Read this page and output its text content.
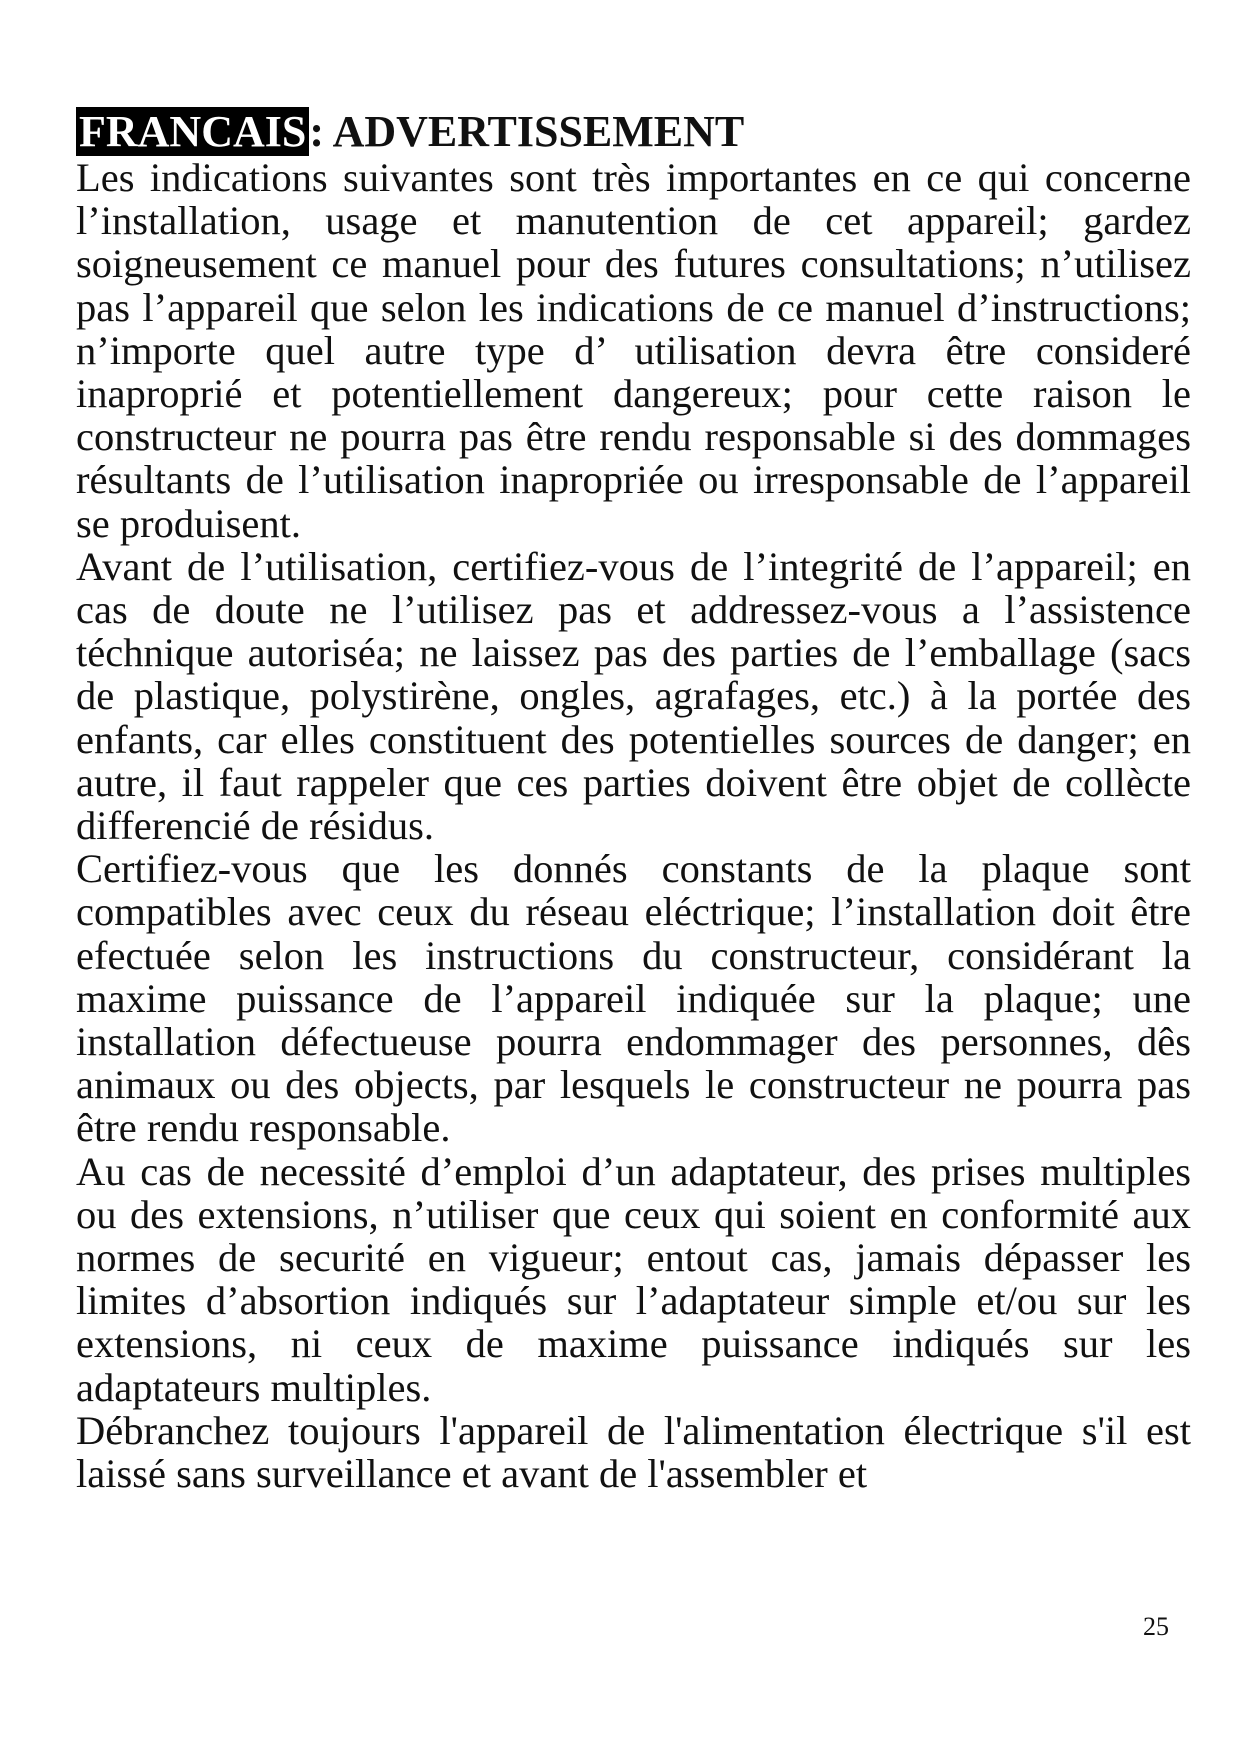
FRANCAIS: ADVERTISSEMENT

Les indications suivantes sont très importantes en ce qui concerne l’installation, usage et manutention de cet appareil; gardez soigneusement ce manuel pour des futures consultations; n’utilisez pas l’appareil que selon les indications de ce manuel d’instructions; n’importe quel autre type d’ utilisation devra être consideré inaproprié et potentiellement dangereux; pour cette raison le constructeur ne pourra pas être rendu responsable si des dommages résultants de l’utilisation inapropriée ou irresponsable de l’appareil se produisent.

Avant de l’utilisation, certifiez-vous de l’integrité de l’appareil; en cas de doute ne l’utilisez pas et addressez-vous a l’assistence téchnique autoriséa; ne laissez pas des parties de l’emballage (sacs de plastique, polystirène, ongles, agrafages, etc.) à la portée des enfants, car elles constituent des potentielles sources de danger; en autre, il faut rappeler que ces parties doivent être objet de collècte differencié de résidus.

Certifiez-vous que les donnés constants de la plaque sont compatibles avec ceux du réseau eléctrique; l’installation doit être efectuée selon les instructions du constructeur, considérant la maxime puissance de l’appareil indiquée sur la plaque; une installation défectueuse pourra endommager des personnes, dês animaux ou des objects, par lesquels le constructeur ne pourra pas être rendu responsable.

Au cas de necessité d’emploi d’un adaptateur, des prises multiples ou des extensions, n’utiliser que ceux qui soient en conformité aux normes de securité en vigueur; entout cas, jamais dépasser les limites d’absortion indiqués sur l’adaptateur simple et/ou sur les extensions, ni ceux de maxime puissance indiqués sur les adaptateurs multiples.

Débranchez toujours l'appareil de l'alimentation électrique s'il est laissé sans surveillance et avant de l'assembler et

25
